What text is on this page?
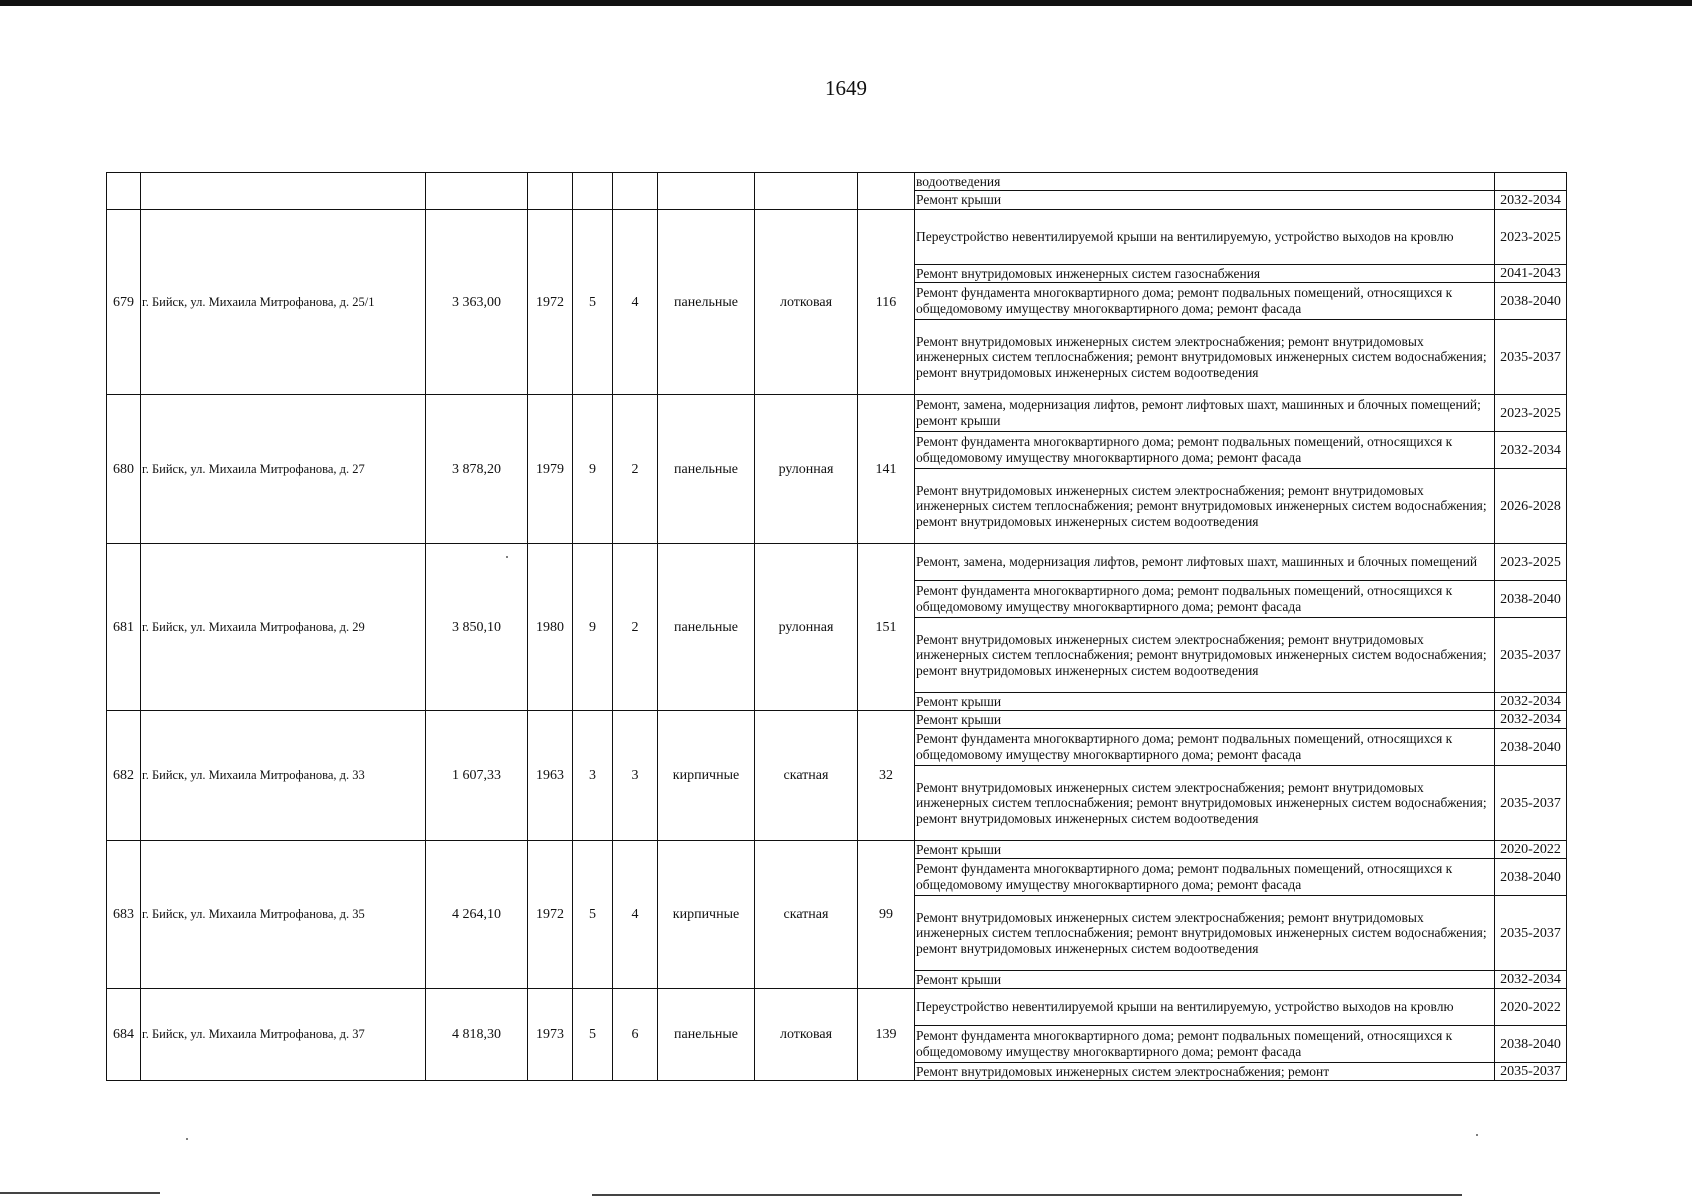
1649
									водоотведения	
									Ремонт крыши	2032-2034
679	г. Бийск, ул. Михаила Митрофанова, д. 25/1	3 363,00	1972	5	4	панельные	лотковая	116	Переустройство невентилируемой крыши на вентилируемую, устройство выходов на кровлю	2023-2025
									Ремонт внутридомовых инженерных систем газоснабжения	2041-2043
									Ремонт фундамента многоквартирного дома; ремонт подвальных помещений, относящихся к общедомовому имуществу многоквартирного дома; ремонт фасада	2038-2040
									Ремонт внутридомовых инженерных систем электроснабжения; ремонт внутридомовых инженерных систем теплоснабжения; ремонт внутридомовых инженерных систем водоснабжения; ремонт внутридомовых инженерных систем водоотведения	2035-2037
680	г. Бийск, ул. Михаила Митрофанова, д. 27	3 878,20	1979	9	2	панельные	рулонная	141	Ремонт, замена, модернизация лифтов, ремонт лифтовых шахт, машинных и блочных помещений; ремонт крыши	2023-2025
									Ремонт фундамента многоквартирного дома; ремонт подвальных помещений, относящихся к общедомовому имуществу многоквартирного дома; ремонт фасада	2032-2034
									Ремонт внутридомовых инженерных систем электроснабжения; ремонт внутридомовых инженерных систем теплоснабжения; ремонт внутридомовых инженерных систем водоснабжения; ремонт внутридомовых инженерных систем водоотведения	2026-2028
681	г. Бийск, ул. Михаила Митрофанова, д. 29	3 850,10	1980	9	2	панельные	рулонная	151	Ремонт, замена, модернизация лифтов, ремонт лифтовых шахт, машинных и блочных помещений	2023-2025
									Ремонт фундамента многоквартирного дома; ремонт подвальных помещений, относящихся к общедомовому имуществу многоквартирного дома; ремонт фасада	2038-2040
									Ремонт внутридомовых инженерных систем электроснабжения; ремонт внутридомовых инженерных систем теплоснабжения; ремонт внутридомовых инженерных систем водоснабжения; ремонт внутридомовых инженерных систем водоотведения	2035-2037
									Ремонт крыши	2032-2034
682	г. Бийск, ул. Михаила Митрофанова, д. 33	1 607,33	1963	3	3	кирпичные	скатная	32	Ремонт крыши	2032-2034
									Ремонт фундамента многоквартирного дома; ремонт подвальных помещений, относящихся к общедомовому имуществу многоквартирного дома; ремонт фасада	2038-2040
									Ремонт внутридомовых инженерных систем электроснабжения; ремонт внутридомовых инженерных систем теплоснабжения; ремонт внутридомовых инженерных систем водоснабжения; ремонт внутридомовых инженерных систем водоотведения	2035-2037
683	г. Бийск, ул. Михаила Митрофанова, д. 35	4 264,10	1972	5	4	кирпичные	скатная	99	Ремонт крыши	2020-2022
									Ремонт фундамента многоквартирного дома; ремонт подвальных помещений, относящихся к общедомовому имуществу многоквартирного дома; ремонт фасада	2038-2040
									Ремонт внутридомовых инженерных систем электроснабжения; ремонт внутридомовых инженерных систем теплоснабжения; ремонт внутридомовых инженерных систем водоснабжения; ремонт внутридомовых инженерных систем водоотведения	2035-2037
									Ремонт крыши	2032-2034
684	г. Бийск, ул. Михаила Митрофанова, д. 37	4 818,30	1973	5	6	панельные	лотковая	139	Переустройство невентилируемой крыши на вентилируемую, устройство выходов на кровлю	2020-2022
									Ремонт фундамента многоквартирного дома; ремонт подвальных помещений, относящихся к общедомовому имуществу многоквартирного дома; ремонт фасада	2038-2040
									Ремонт внутридомовых инженерных систем электроснабжения; ремонт	2035-2037
